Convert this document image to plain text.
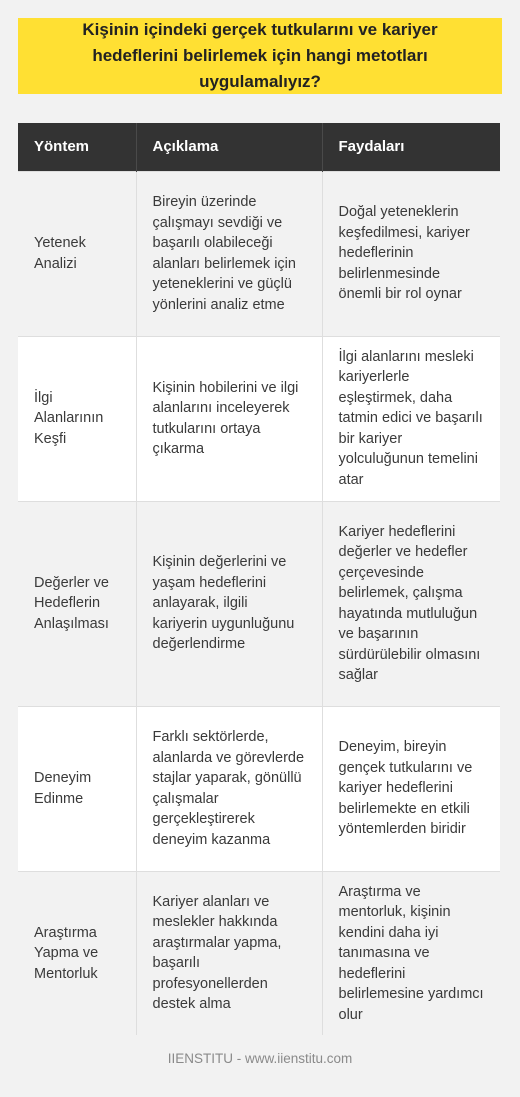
Kişinin içindeki gerçek tutkularını ve kariyer hedeflerini belirlemek için hangi metotları uygulamalıyız?
Yöntem	Açıklama	Faydaları
Yetenek Analizi	Bireyin üzerinde çalışmayı sevdiği ve başarılı olabileceği alanları belirlemek için yeteneklerini ve güçlü yönlerini analiz etme	Doğal yeteneklerin keşfedilmesi, kariyer hedeflerinin belirlenmesinde önemli bir rol oynar
İlgi Alanlarının Keşfi	Kişinin hobilerini ve ilgi alanlarını inceleyerek tutkularını ortaya çıkarma	İlgi alanlarını mesleki kariyerlerle eşleştirmek, daha tatmin edici ve başarılı bir kariyer yolculuğunun temelini atar
Değerler ve Hedeflerin Anlaşılması	Kişinin değerlerini ve yaşam hedeflerini anlayarak, ilgili kariyerin uygunluğunu değerlendirme	Kariyer hedeflerini değerler ve hedefler çerçevesinde belirlemek, çalışma hayatında mutluluğun ve başarının sürdürülebilir olmasını sağlar
Deneyim Edinme	Farklı sektörlerde, alanlarda ve görevlerde stajlar yaparak, gönüllü çalışmalar gerçekleştirerek deneyim kazanma	Deneyim, bireyin gençek tutkularını ve kariyer hedeflerini belirlemekte en etkili yöntemlerden biridir
Araştırma Yapma ve Mentorluk	Kariyer alanları ve meslekler hakkında araştırmalar yapma, başarılı profesyonellerden destek alma	Araştırma ve mentorluk, kişinin kendini daha iyi tanımasına ve hedeflerini belirlemesine yardımcı olur
IIENSTITU - www.iienstitu.com
